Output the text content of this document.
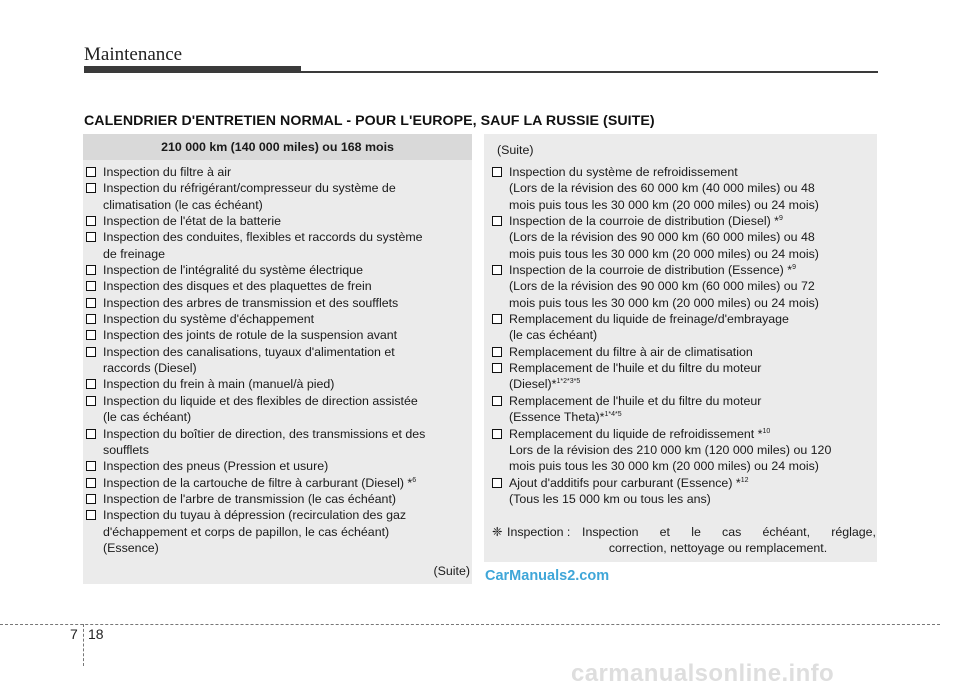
Maintenance
CALENDRIER D'ENTRETIEN NORMAL - POUR L'EUROPE, SAUF LA RUSSIE (SUITE)
210 000 km (140 000 miles) ou 168 mois
Inspection du filtre à air
Inspection du réfrigérant/compresseur du système de
climatisation (le cas échéant)
Inspection de l'état de la batterie
Inspection des conduites, flexibles et raccords du système
de freinage
Inspection de l'intégralité du système électrique
Inspection des disques et des plaquettes de frein
Inspection des arbres de transmission et des soufflets
Inspection du système d'échappement
Inspection des joints de rotule de la suspension avant
Inspection des canalisations, tuyaux d'alimentation et
raccords (Diesel)
Inspection du frein à main (manuel/à pied)
Inspection du liquide et des flexibles de direction assistée
(le cas échéant)
Inspection du boîtier de direction, des transmissions et des
soufflets
Inspection des pneus (Pression et usure)
Inspection de la cartouche de filtre à carburant (Diesel) *$^6$
Inspection de l'arbre de transmission (le cas échéant)
Inspection du tuyau à dépression (recirculation des gaz
d'échappement et corps de papillon, le cas échéant)
(Essence)
(Suite)
(Suite)
Inspection du système de refroidissement
(Lors de la révision des 60 000 km (40 000 miles) ou 48
mois puis tous les 30 000 km (20 000 miles) ou 24 mois)
Inspection de la courroie de distribution (Diesel) *$^9$
(Lors de la révision des 90 000 km (60 000 miles) ou 48
mois puis tous les 30 000 km (20 000 miles) ou 24 mois)
Inspection de la courroie de distribution (Essence) *$^9$
(Lors de la révision des 90 000 km (60 000 miles) ou 72
mois puis tous les 30 000 km (20 000 miles) ou 24 mois)
Remplacement du liquide de freinage/d'embrayage
(le cas échéant)
Remplacement du filtre à air de climatisation
Remplacement de l'huile et du filtre du moteur
(Diesel)*$^{1*2*3*5}$
Remplacement de l'huile et du filtre du moteur
(Essence Theta)*$^{1*4*5}$
Remplacement du liquide de refroidissement *$^{10}$
Lors de la révision des 210 000 km (120 000 miles) ou 120
mois puis tous les 30 000 km (20 000 miles) ou 24 mois)
Ajout d'additifs pour carburant (Essence) *$^{12}$
(Tous les 15 000 km ou tous les ans)
❈ Inspection : Inspection et le cas échéant, réglage,
correction, nettoyage ou remplacement.
CarManuals2.com
7 18
carmanualsonline.info
